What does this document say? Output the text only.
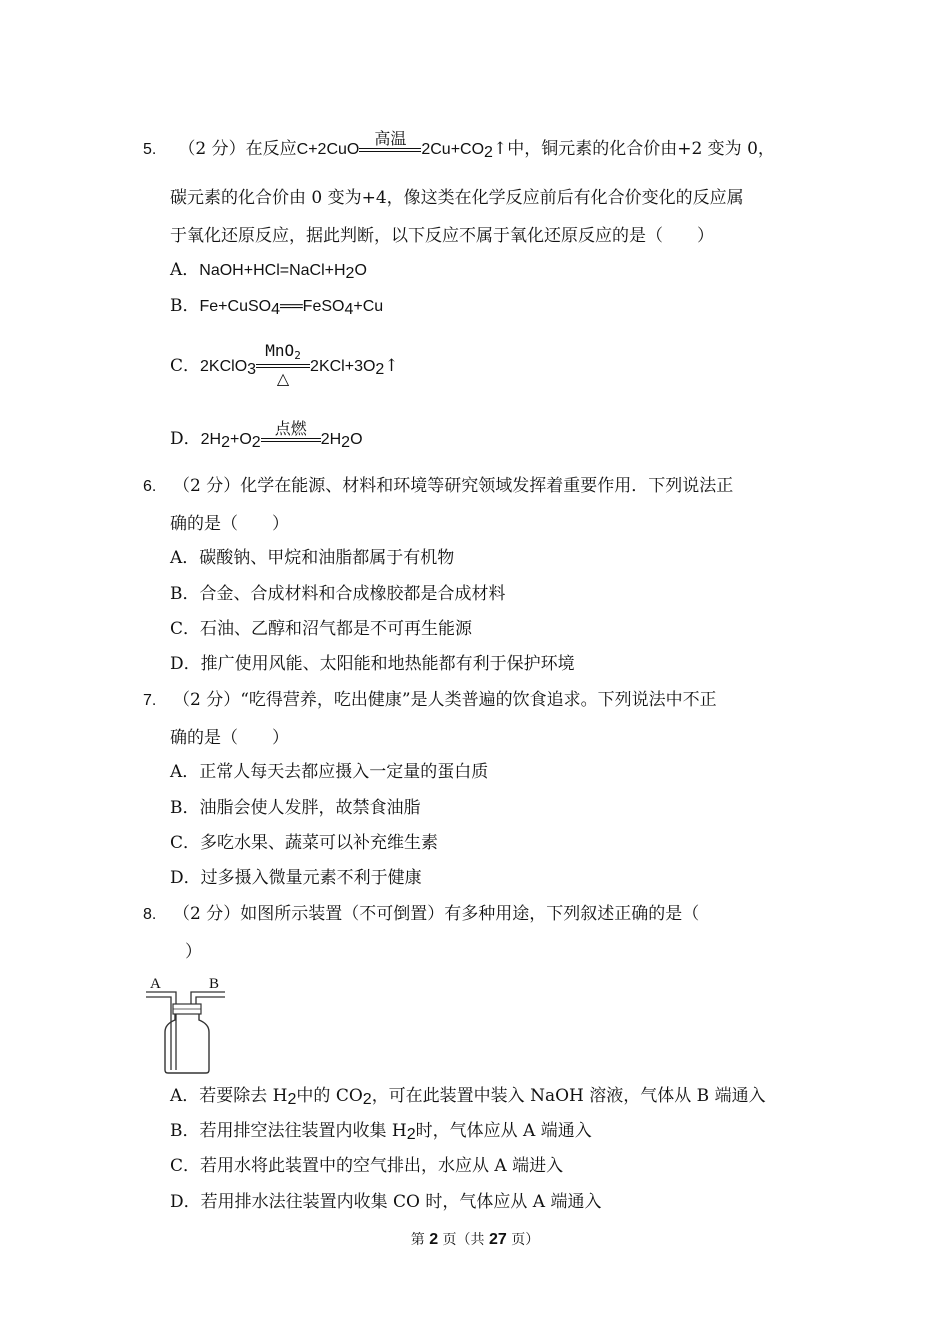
5. （2 分）在反应C+2CuO
高温
$2Cu+CO_2↑$中，铜元素的化合价由+2 变为 0，
碳元素的化合价由 0 变为+4，像这类在化学反应前后有化合价变化的反应属
于氧化还原反应，据此判断，以下反应不属于氧化还原反应的是（　　）
A．$NaOH+HCl=NaCl+H_2O$
B．Fe+CuSO$_4$══FeSO$_4$+Cu
C．2KClO$_3$
MnO$_2$
△
$2KCl+3O_2↑$
D．$2H_2+O_2$
点燃
$2H_2O$
6. （2 分）化学在能源、材料和环境等研究领域发挥着重要作用．下列说法正
确的是（　　）
A．碳酸钠、甲烷和油脂都属于有机物
B．合金、合成材料和合成橡胶都是合成材料
C．石油、乙醇和沼气都是不可再生能源
D．推广使用风能、太阳能和地热能都有利于保护环境
7. （2 分）“吃得营养，吃出健康”是人类普遍的饮食追求。下列说法中不正
确的是（　　）
A．正常人每天去都应摄入一定量的蛋白质
B．油脂会使人发胖，故禁食油脂
C．多吃水果、蔬菜可以补充维生素
D．过多摄入微量元素不利于健康
8. （2 分）如图所示装置（不可倒置）有多种用途，下列叙述正确的是（
）
A	B
A．若要除去 $H_2$中的 $CO_2$，可在此装置中装入 NaOH 溶液，气体从 B 端通入
B．若用排空法往装置内收集 $H_2$时，气体应从 A 端通入
C．若用水将此装置中的空气排出，水应从 A 端进入
D．若用排水法往装置内收集 CO 时，气体应从 A 端通入
第 2 页（共 27 页）
